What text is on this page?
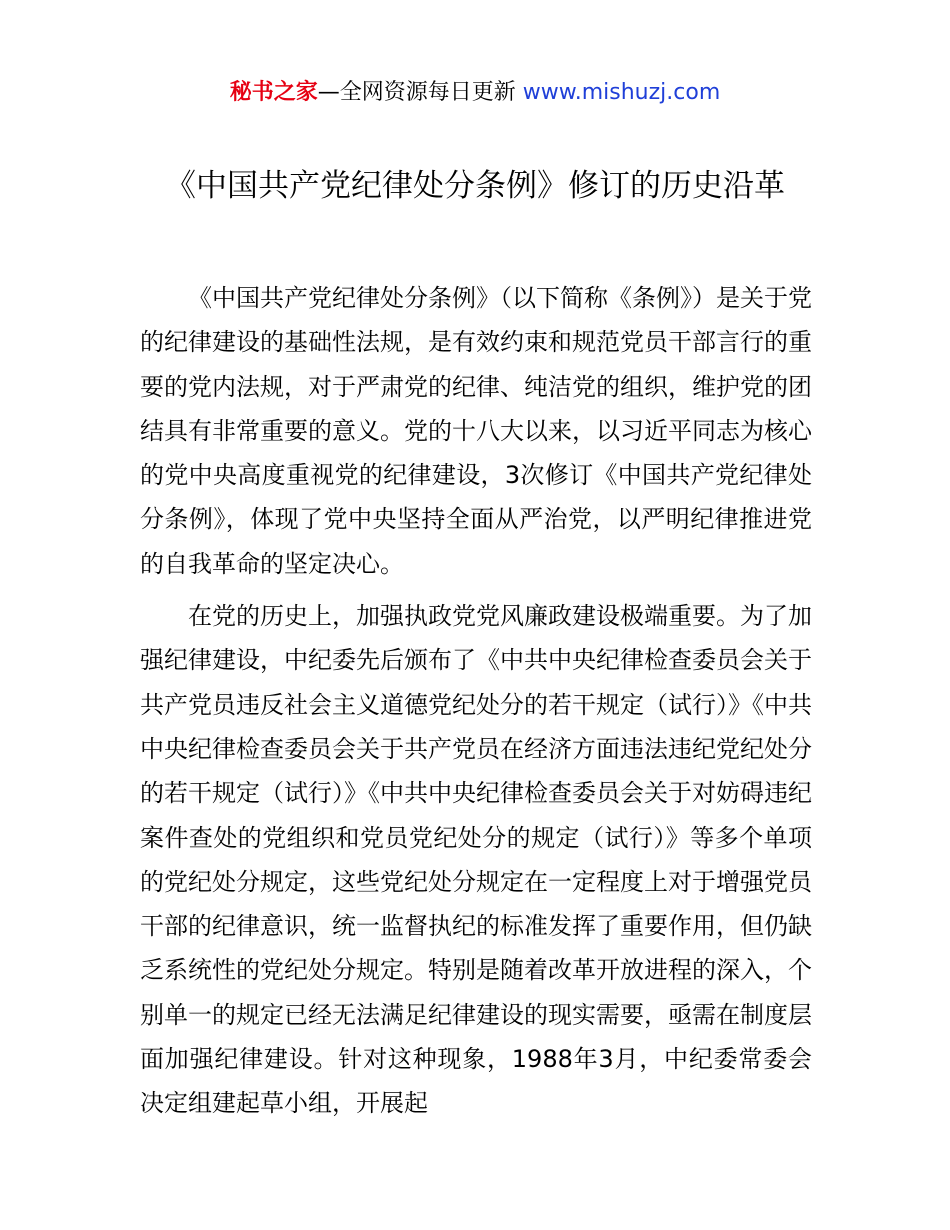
秘书之家—全网资源每日更新 www.mishuzj.com
《中国共产党纪律处分条例》修订的历史沿革

《中国共产党纪律处分条例》（以下简称《条例》）是关于党的纪律建设的基础性法规，是有效约束和规范党员干部言行的重要的党内法规，对于严肃党的纪律、纯洁党的组织，维护党的团结具有非常重要的意义。党的十八大以来，以习近平同志为核心的党中央高度重视党的纪律建设，3次修订《中国共产党纪律处分条例》，体现了党中央坚持全面从严治党，以严明纪律推进党的自我革命的坚定决心。

在党的历史上，加强执政党党风廉政建设极端重要。为了加强纪律建设，中纪委先后颁布了《中共中央纪律检查委员会关于共产党员违反社会主义道德党纪处分的若干规定（试行）》《中共中央纪律检查委员会关于共产党员在经济方面违法违纪党纪处分的若干规定（试行）》《中共中央纪律检查委员会关于对妨碍违纪案件查处的党组织和党员党纪处分的规定（试行）》等多个单项的党纪处分规定，这些党纪处分规定在一定程度上对于增强党员干部的纪律意识，统一监督执纪的标准发挥了重要作用，但仍缺乏系统性的党纪处分规定。特别是随着改革开放进程的深入，个别单一的规定已经无法满足纪律建设的现实需要，亟需在制度层面加强纪律建设。针对这种现象，1988年3月，中纪委常委会决定组建起草小组，开展起
